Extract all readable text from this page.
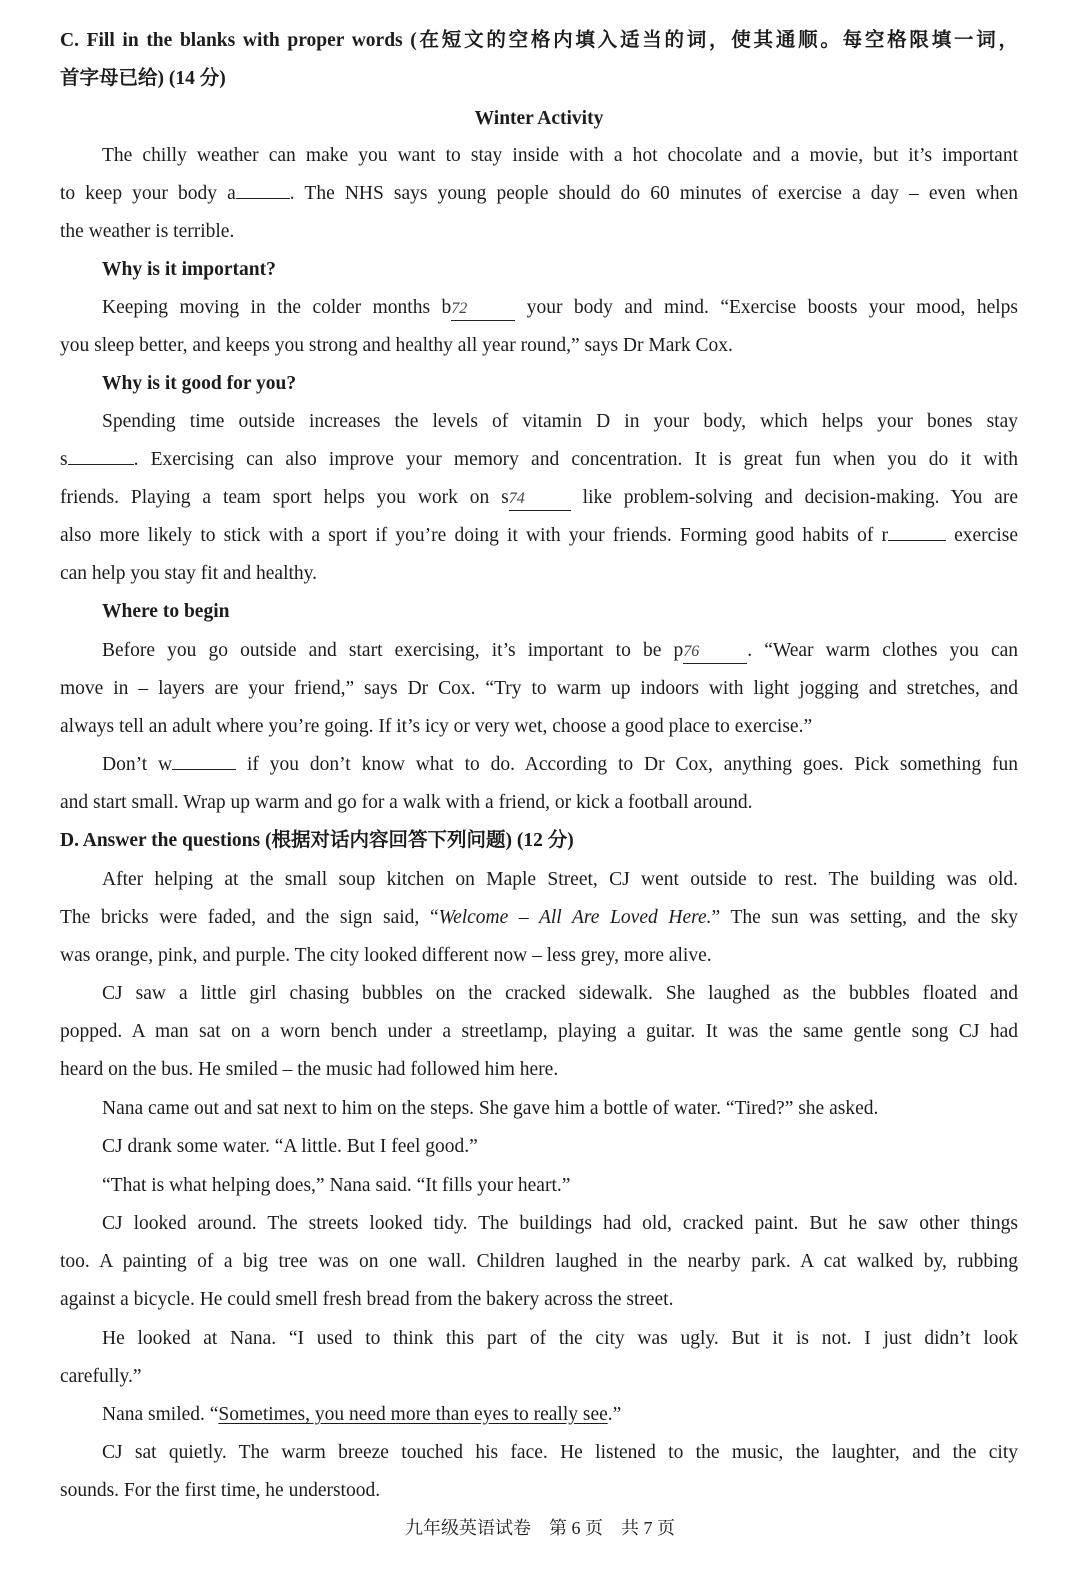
C. Fill in the blanks with proper words (在短文的空格内填入适当的词，使其通顺。每空格限填一词，
首字母已给) (14 分)
Winter Activity
The chilly weather can make you want to stay inside with a hot chocolate and a movie, but it’s important
to keep your body a	. The NHS says young people should do 60 minutes of exercise a day – even when
the weather is terrible.
Why is it important?
Keeping moving in the colder months b72 your body and mind. “Exercise boosts your mood, helps
you sleep better, and keeps you strong and healthy all year round,” says Dr Mark Cox.
Why is it good for you?
Spending time outside increases the levels of vitamin D in your body, which helps your bones stay
s	. Exercising can also improve your memory and concentration. It is great fun when you do it with
friends. Playing a team sport helps you work on s74 like problem-solving and decision-making. You are
also more likely to stick with a sport if you’re doing it with your friends. Forming good habits of r	exercise
can help you stay fit and healthy.
Where to begin
Before you go outside and start exercising, it’s important to be p76 . “Wear warm clothes you can
move in – layers are your friend,” says Dr Cox. “Try to warm up indoors with light jogging and stretches, and
always tell an adult where you’re going. If it’s icy or very wet, choose a good place to exercise.”
Don’t w	if you don’t know what to do. According to Dr Cox, anything goes. Pick something fun
and start small. Wrap up warm and go for a walk with a friend, or kick a football around.
D. Answer the questions (根据对话内容回答下列问题) (12 分)
After helping at the small soup kitchen on Maple Street, CJ went outside to rest. The building was old.
The bricks were faded, and the sign said, “Welcome – All Are Loved Here.” The sun was setting, and the sky
was orange, pink, and purple. The city looked different now – less grey, more alive.
CJ saw a little girl chasing bubbles on the cracked sidewalk. She laughed as the bubbles floated and
popped. A man sat on a worn bench under a streetlamp, playing a guitar. It was the same gentle song CJ had
heard on the bus. He smiled – the music had followed him here.
Nana came out and sat next to him on the steps. She gave him a bottle of water. “Tired?” she asked.
CJ drank some water. “A little. But I feel good.”
“That is what helping does,” Nana said. “It fills your heart.”
CJ looked around. The streets looked tidy. The buildings had old, cracked paint. But he saw other things
too. A painting of a big tree was on one wall. Children laughed in the nearby park. A cat walked by, rubbing
against a bicycle. He could smell fresh bread from the bakery across the street.
He looked at Nana. “I used to think this part of the city was ugly. But it is not. I just didn’t look
carefully.”
Nana smiled. “Sometimes, you need more than eyes to really see.”
CJ sat quietly. The warm breeze touched his face. He listened to the music, the laughter, and the city
sounds. For the first time, he understood.
九年级英语试卷　第 6 页　共 7 页
